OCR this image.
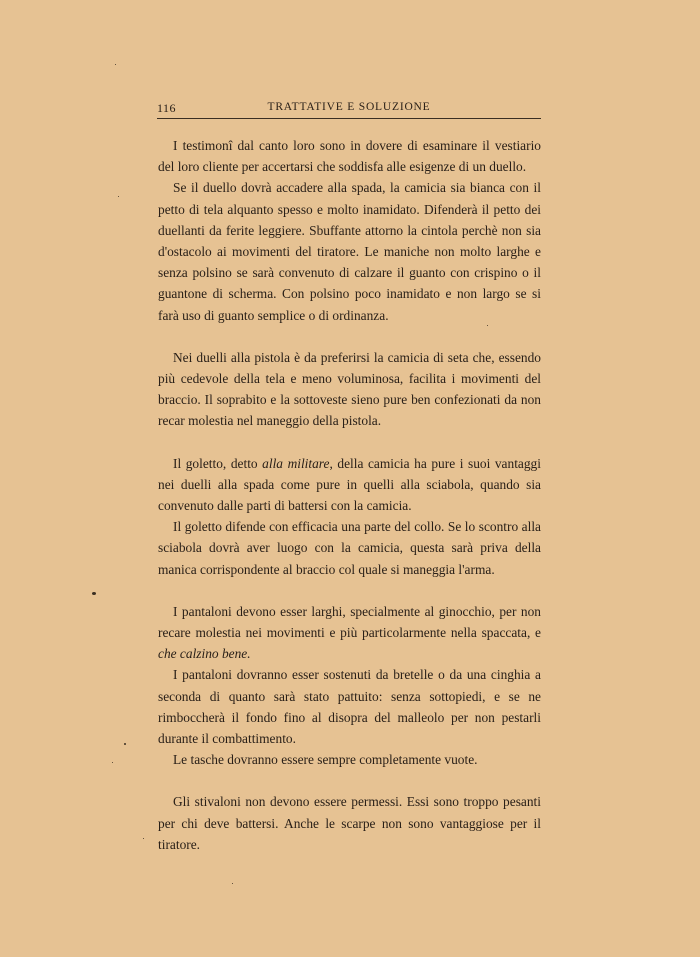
116	TRATTATIVE E SOLUZIONE

I testimonî dal canto loro sono in dovere di esaminare il vestiario del loro cliente per accertarsi che soddisfa alle esigenze di un duello.

Se il duello dovrà accadere alla spada, la camicia sia bianca con il petto di tela alquanto spesso e molto inamidato. Difenderà il petto dei duellanti da ferite leggiere. Sbuffante attorno la cintola perchè non sia d'ostacolo ai movimenti del tiratore. Le maniche non molto larghe e senza polsino se sarà convenuto di calzare il guanto con crispino o il guantone di scherma. Con polsino poco inamidato e non largo se si farà uso di guanto semplice o di ordinanza.

Nei duelli alla pistola è da preferirsi la camicia di seta che, essendo più cedevole della tela e meno voluminosa, facilita i movimenti del braccio. Il soprabito e la sottoveste sieno pure ben confezionati da non recar molestia nel maneggio della pistola.

Il goletto, detto alla militare, della camicia ha pure i suoi vantaggi nei duelli alla spada come pure in quelli alla sciabola, quando sia convenuto dalle parti di battersi con la camicia.

Il goletto difende con efficacia una parte del collo. Se lo scontro alla sciabola dovrà aver luogo con la camicia, questa sarà priva della manica corrispondente al braccio col quale si maneggia l'arma.

I pantaloni devono esser larghi, specialmente al ginocchio, per non recare molestia nei movimenti e più particolarmente nella spaccata, e che calzino bene.

I pantaloni dovranno esser sostenuti da bretelle o da una cinghia a seconda di quanto sarà stato pattuito: senza sottopiedi, e se ne rimboccherà il fondo fino al disopra del malleolo per non pestarli durante il combattimento.

Le tasche dovranno essere sempre completamente vuote.

Gli stivaloni non devono essere permessi. Essi sono troppo pesanti per chi deve battersi. Anche le scarpe non sono vantaggiose per il tiratore.
